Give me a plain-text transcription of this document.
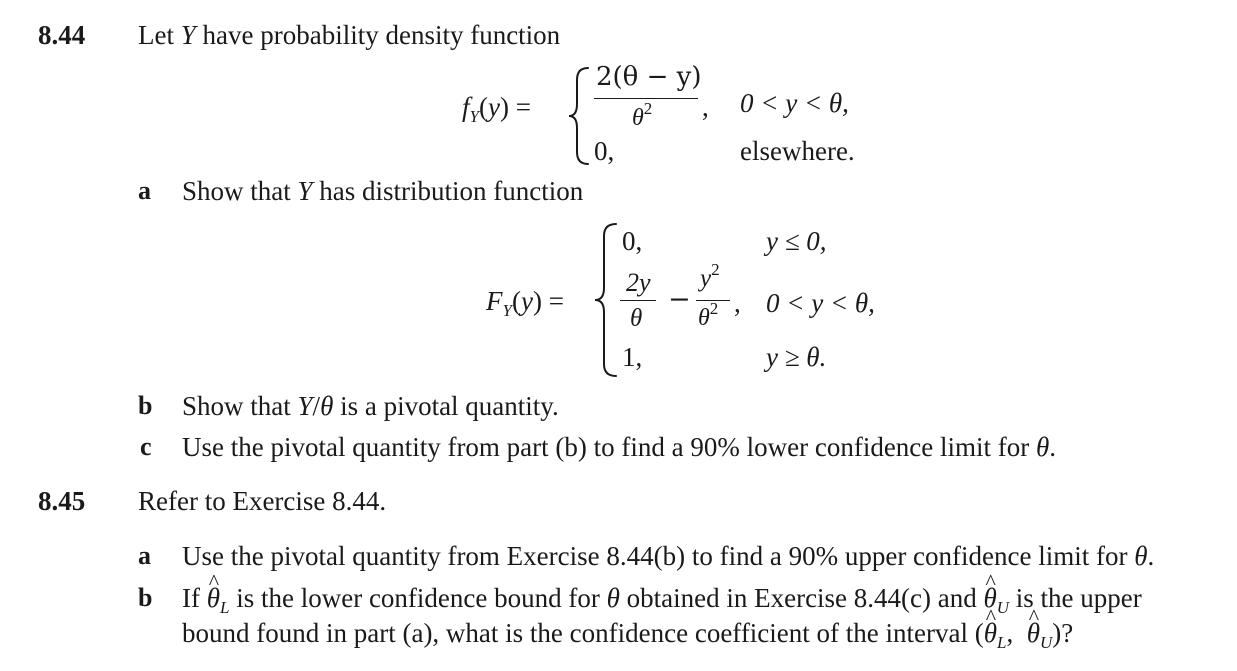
8.44 Let Y have probability density function
$f_Y(y)$ =
2(θ − y)
$\theta^2$ , 0 < y < θ,
0,	elsewhere.
a Show that Y has distribution function
$F_Y(y)$ =
0,	y ≤ 0,
2y
θ
−
$y^2$
$\theta^2$ , 0 < y < θ,
1,	y ≥ θ.
b Show that Y/θ is a pivotal quantity.
c Use the pivotal quantity from part (b) to find a 90% lower confidence limit for θ.
8.45 Refer to Exercise 8.44.
a Use the pivotal quantity from Exercise 8.44(b) to find a 90% upper confidence limit for θ.
b If ^ $\theta_L$ is the lower confidence bound for θ obtained in Exercise 8.44(c) and ^ $\theta_U$ is the upper
bound found in part (a), what is the confidence coefficient of the interval (^ $\theta_L$,  ^ $\theta_U$)?
